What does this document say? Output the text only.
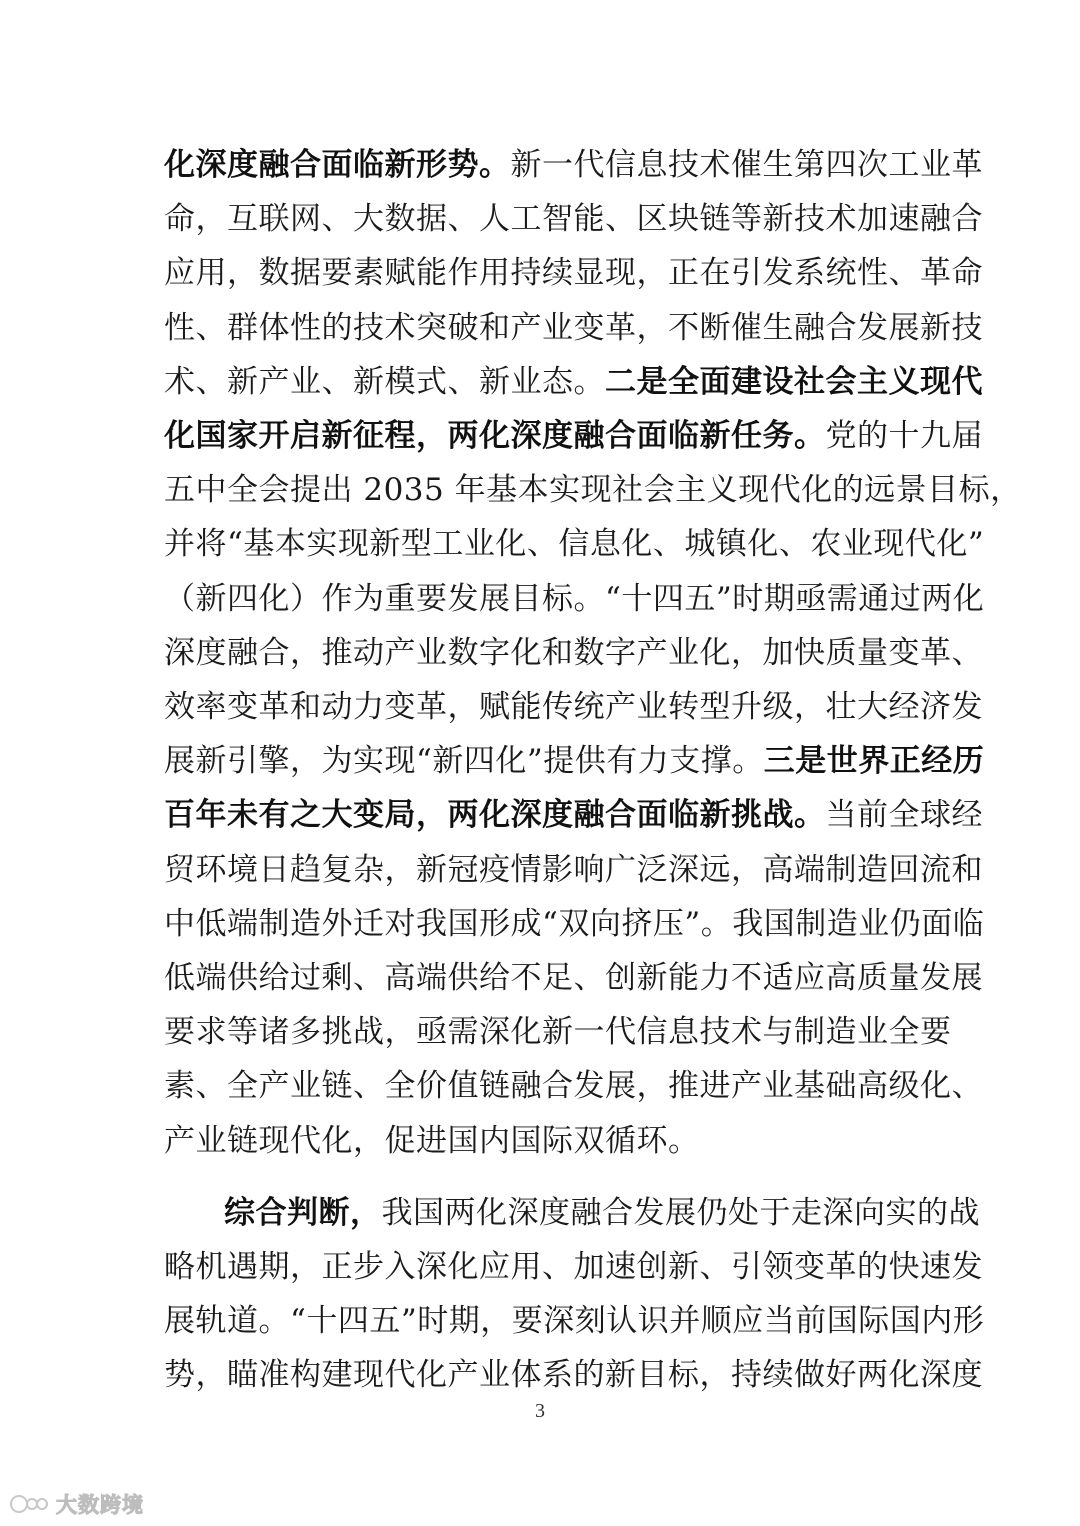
化深度融合面临新形势。新一代信息技术催生第四次工业革
命，互联网、大数据、人工智能、区块链等新技术加速融合
应用，数据要素赋能作用持续显现，正在引发系统性、革命
性、群体性的技术突破和产业变革，不断催生融合发展新技
术、新产业、新模式、新业态。二是全面建设社会主义现代
化国家开启新征程，两化深度融合面临新任务。党的十九届
五中全会提出 2035 年基本实现社会主义现代化的远景目标，
并将“基本实现新型工业化、信息化、城镇化、农业现代化”
（新四化）作为重要发展目标。“十四五”时期亟需通过两化
深度融合，推动产业数字化和数字产业化，加快质量变革、
效率变革和动力变革，赋能传统产业转型升级，壮大经济发
展新引擎，为实现“新四化”提供有力支撑。三是世界正经历
百年未有之大变局，两化深度融合面临新挑战。当前全球经
贸环境日趋复杂，新冠疫情影响广泛深远，高端制造回流和
中低端制造外迁对我国形成“双向挤压”。我国制造业仍面临
低端供给过剩、高端供给不足、创新能力不适应高质量发展
要求等诸多挑战，亟需深化新一代信息技术与制造业全要
素、全产业链、全价值链融合发展，推进产业基础高级化、
产业链现代化，促进国内国际双循环。
综合判断，我国两化深度融合发展仍处于走深向实的战
略机遇期，正步入深化应用、加速创新、引领变革的快速发
展轨道。“十四五”时期，要深刻认识并顺应当前国际国内形
势，瞄准构建现代化产业体系的新目标，持续做好两化深度
3
大数跨境
